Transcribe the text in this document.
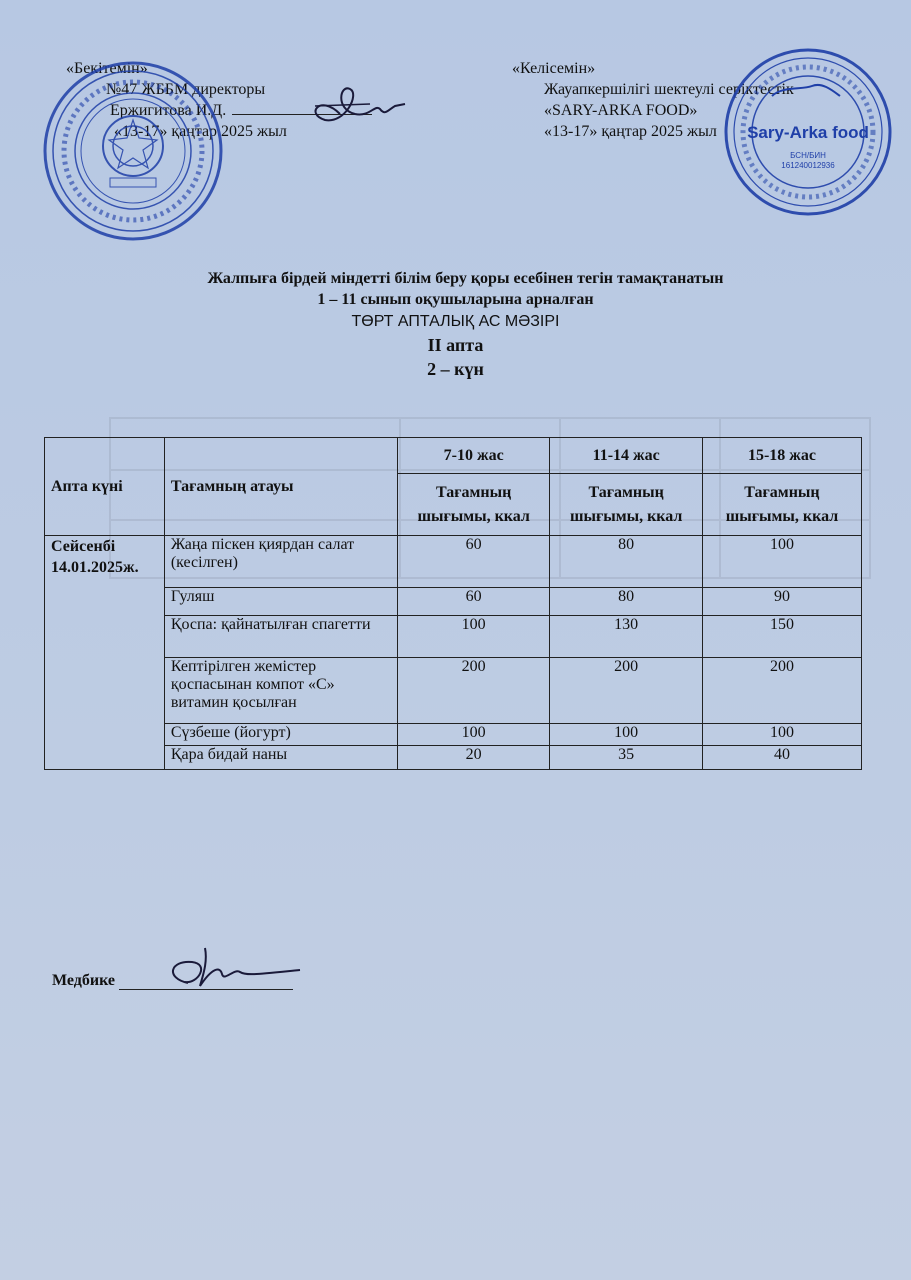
«Бекітемін»
№47 ЖББМ директоры
Ержигитова И.Д.
«13-17» қаңтар 2025 жыл
«Келісемін»
Жауапкершілігі шектеулі серіктестік
«SARY-ARKA FOOD»
«13-17» қаңтар 2025 жыл	Sary-Arka food
БСН/БИН
161240012936
Жалпыға бірдей міндетті білім беру қоры есебінен тегін тамақтанатын
1 – 11 сынып оқушыларына арналған
ТӨРТ АПТАЛЫҚ АС МӘЗІРІ
ІІ апта
2 – күн
Апта күні	Тағамның атауы	7-10 жас	11-14 жас	15-18 жас
		Тағамның шығымы, ккал	Тағамның шығымы, ккал	Тағамның шығымы, ккал

Сейсенбі
14.01.2025ж.	Жаңа піскен қиярдан салат (кесілген)	60	80	100
	Гуляш	60	80	90
	Қоспа: қайнатылған спагетти	100	130	150
	Кептірілген жемістер қоспасынан компот «С» витамин қосылған	200	200	200
	Сүзбеше (йогурт)	100	100	100
	Қара бидай наны	20	35	40
Медбике
